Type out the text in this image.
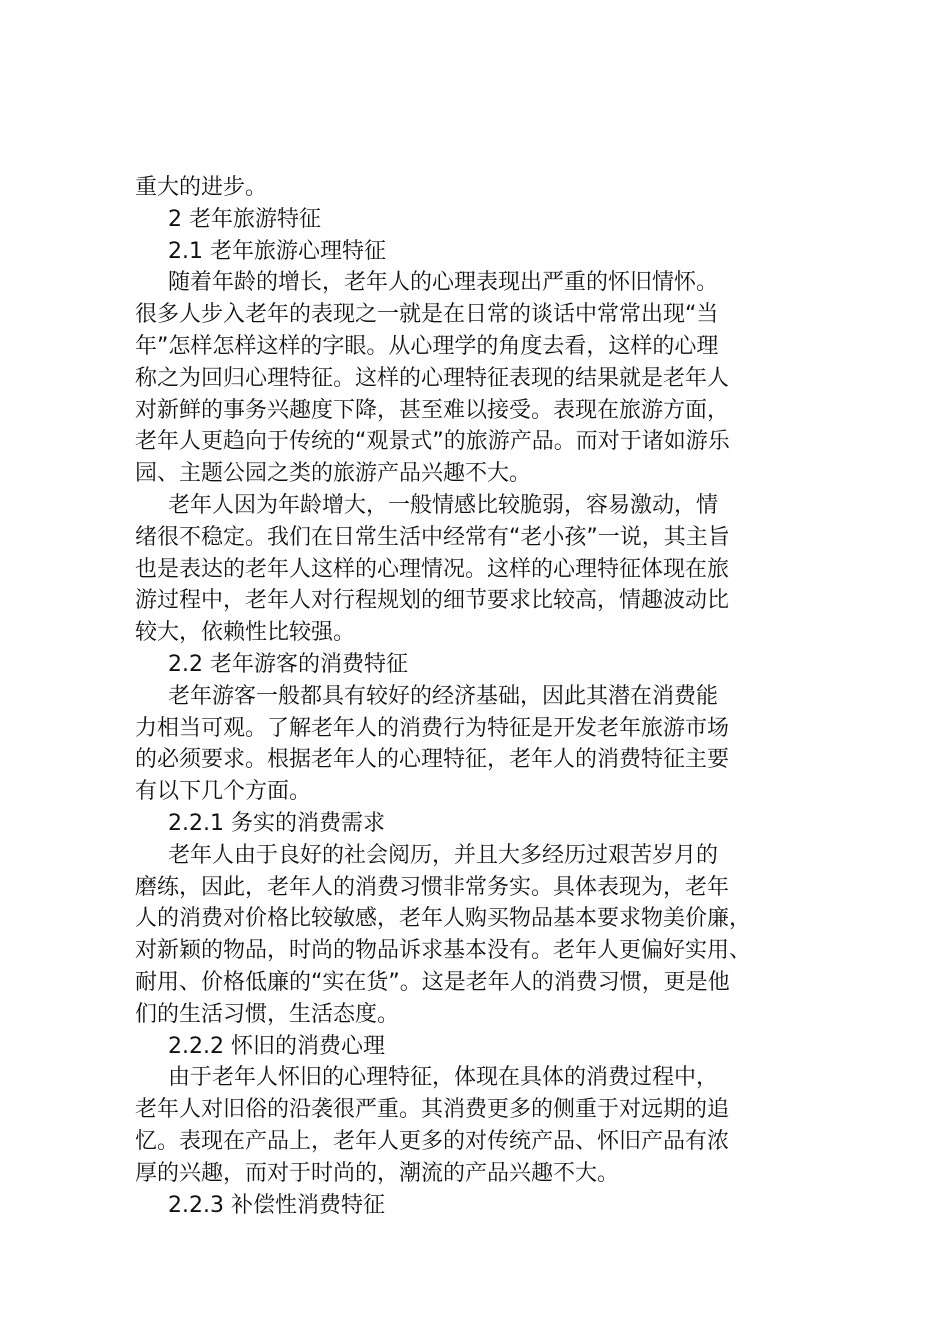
重大的进步。
2 老年旅游特征
2.1 老年旅游心理特征
随着年龄的增长，老年人的心理表现出严重的怀旧情怀。
很多人步入老年的表现之一就是在日常的谈话中常常出现“当
年”怎样怎样这样的字眼。从心理学的角度去看，这样的心理
称之为回归心理特征。这样的心理特征表现的结果就是老年人
对新鲜的事务兴趣度下降，甚至难以接受。表现在旅游方面，
老年人更趋向于传统的“观景式”的旅游产品。而对于诸如游乐
园、主题公园之类的旅游产品兴趣不大。
老年人因为年龄增大，一般情感比较脆弱，容易激动，情
绪很不稳定。我们在日常生活中经常有“老小孩”一说，其主旨
也是表达的老年人这样的心理情况。这样的心理特征体现在旅
游过程中，老年人对行程规划的细节要求比较高，情趣波动比
较大，依赖性比较强。
2.2 老年游客的消费特征
老年游客一般都具有较好的经济基础，因此其潜在消费能
力相当可观。了解老年人的消费行为特征是开发老年旅游市场
的必须要求。根据老年人的心理特征，老年人的消费特征主要
有以下几个方面。
2.2.1 务实的消费需求
老年人由于良好的社会阅历，并且大多经历过艰苦岁月的
磨练，因此，老年人的消费习惯非常务实。具体表现为，老年
人的消费对价格比较敏感，老年人购买物品基本要求物美价廉，
对新颖的物品，时尚的物品诉求基本没有。老年人更偏好实用、
耐用、价格低廉的“实在货”。这是老年人的消费习惯，更是他
们的生活习惯，生活态度。
2.2.2 怀旧的消费心理
由于老年人怀旧的心理特征，体现在具体的消费过程中，
老年人对旧俗的沿袭很严重。其消费更多的侧重于对远期的追
忆。表现在产品上，老年人更多的对传统产品、怀旧产品有浓
厚的兴趣，而对于时尚的，潮流的产品兴趣不大。
2.2.3 补偿性消费特征
